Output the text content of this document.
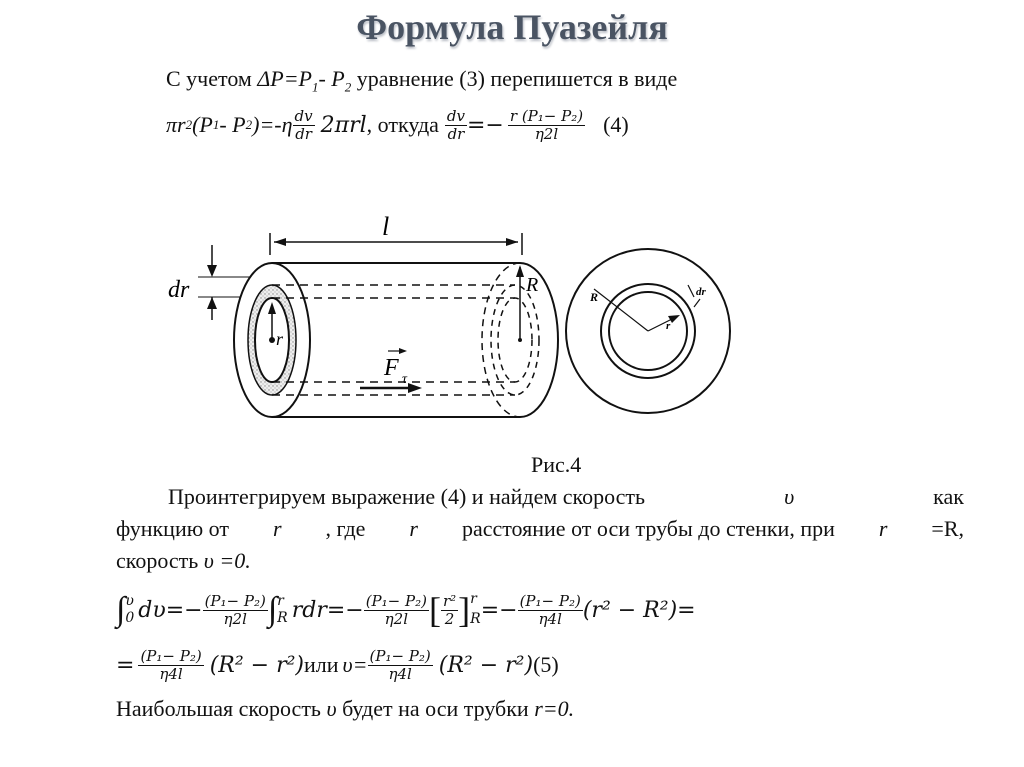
Формула Пуазейля
С учетом $\Delta P=P_1-$ $P_2$ уравнение (3) перепишется в виде
πr 2 (P 1 - P 2 )$=-\eta \frac{dv}{dr} 2\pi rl$ , откуда $\frac{dv}{dr} =- \frac{\text{r (P₁− P₂)}}{\eta 2l} (4)$
l
dr	R
r
F τ
R	dr
r
Рис.4
Проинтегрируем выражение (4) и найдем скорость	υ	как
функцию от r , где r расстояние от оси трубы до стенки, при r =R,
скорость υ =0.
∫ υ
0 $d\upsilon=- \frac{\text{(P₁− P₂)}}{\eta 2l}$ ∫ r
R $rdr=- \frac{\text{(P₁− P₂)}}{\eta 2l}$ [ $\frac{\text{r²}}{2}$ ] r
$R =- \frac{\text{(P₁− P₂)}}{\eta 4l} (r^2 - R^2)=$
= $\frac{\text{(P₁− P₂)}}{\eta 4l} (R^2 - r^2)$ или $\upsilon= \frac{\text{(P₁− P₂)}}{\eta 4l} (R^2 - r^2)$ (5)
Наибольшая скорость υ будет на оси трубки r=0.
